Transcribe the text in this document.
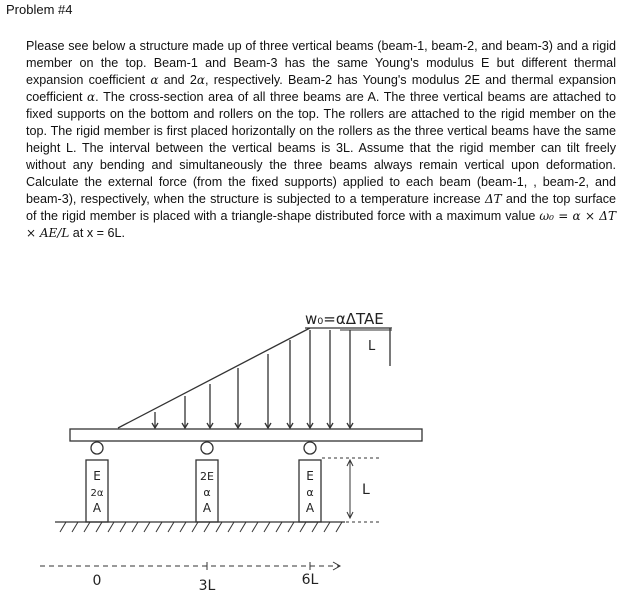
Problem #4
Please see below a structure made up of three vertical beams (beam-1, beam-2, and beam-3) and a rigid member on the top. Beam-1 and Beam-3 has the same Young's modulus E but different thermal expansion coefficient α and 2α, respectively. Beam-2 has Young's modulus 2E and thermal expansion coefficient α. The cross-section area of all three beams are A. The three vertical beams are attached to fixed supports on the bottom and rollers on the top. The rollers are attached to the rigid member on the top. The rigid member is first placed horizontally on the rollers as the three vertical beams have the same height L. The interval between the vertical beams is 3L. Assume that the rigid member can tilt freely without any bending and simultaneously the three beams always remain vertical upon deformation. Calculate the external force (from the fixed supports) applied to each beam (beam-1, , beam-2, and beam-3), respectively, when the structure is subjected to a temperature increase ΔT and the top surface of the rigid member is placed with a triangle-shape distributed force with a maximum value ω₀ = α × ΔT × AE/L at x = 6L.
w₀=αΔTAE
L
E
2α
A
2E
α
A
E
α
A
L
0	3L	6L
